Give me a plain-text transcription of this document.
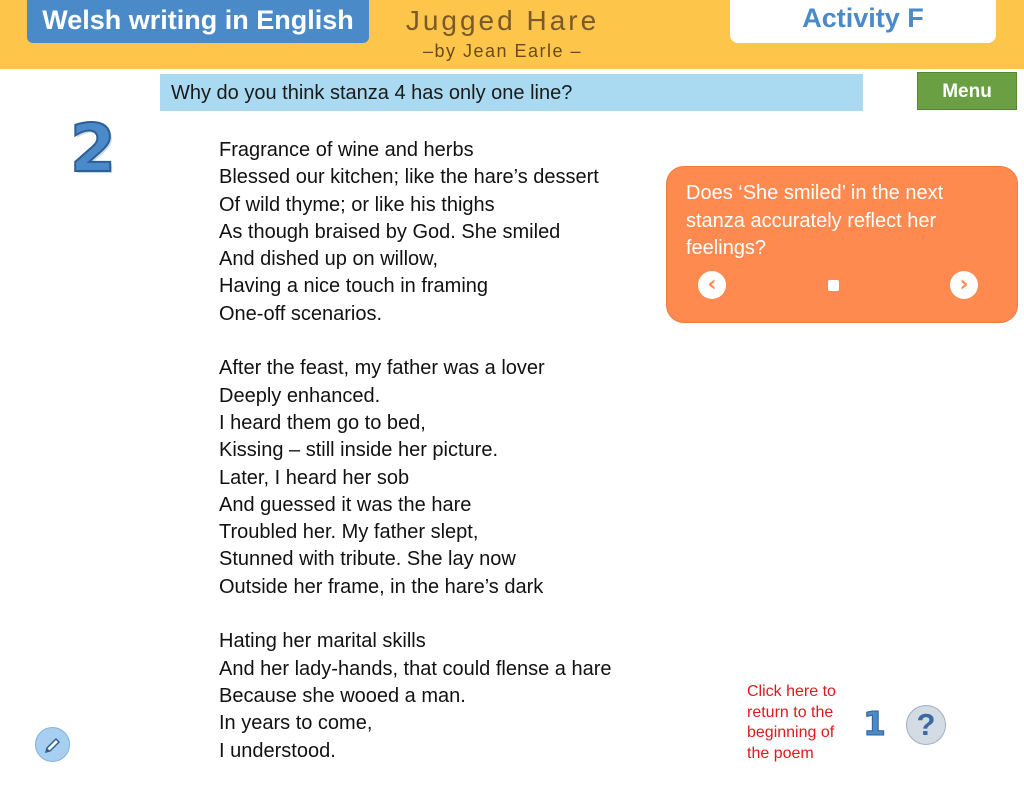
Welsh writing in English	Jugged Hare
–by Jean Earle –
Activity F
Why do you think stanza 4 has only one line?	Menu
2	Fragrance of wine and herbs
Blessed our kitchen; like the hare’s dessert
Of wild thyme; or like his thighs
As though braised by God. She smiled
And dished up on willow,
Having a nice touch in framing
One-off scenarios.
After the feast, my father was a lover
Deeply enhanced.
I heard them go to bed,
Kissing – still inside her picture.
Later, I heard her sob
And guessed it was the hare
Troubled her. My father slept,
Stunned with tribute. She lay now
Outside her frame, in the hare’s dark
Hating her marital skills
And her lady-hands, that could flense a hare
Because she wooed a man.
In years to come,
I understood.
Does ‘She smiled’ in the next stanza accurately reflect her feelings?
‹	›
Click here to return to the beginning of the poem
1 ?
